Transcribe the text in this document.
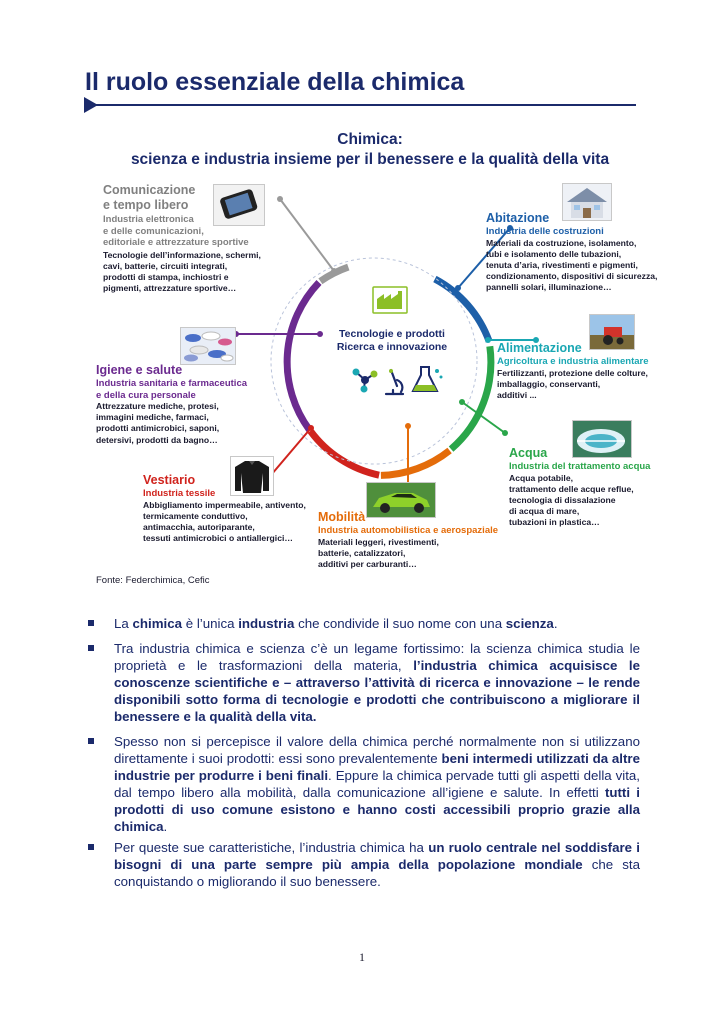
Il ruolo essenziale della chimica
Chimica:
scienza e industria insieme per il benessere e la qualità della vita
Tecnologie e prodotti
Ricerca e innovazione
Comunicazione
e tempo libero
Industria elettronica
e delle comunicazioni,
editoriale e attrezzature sportive
Tecnologie dell’informazione, schermi,
cavi, batterie, circuiti integrati,
prodotti di stampa, inchiostri e
pigmenti, attrezzature sportive…
Igiene e salute
Industria sanitaria e farmaceutica
e della cura personale
Attrezzature mediche, protesi,
immagini mediche, farmaci,
prodotti antimicrobici, saponi,
detersivi, prodotti da bagno…
Vestiario
Industria tessile
Abbigliamento impermeabile, antivento,
termicamente conduttivo,
antimacchia, autoriparante,
tessuti antimicrobici o antiallergici…
Mobilità
Industria automobilistica e aerospaziale
Materiali leggeri, rivestimenti,
batterie, catalizzatori,
additivi per carburanti…
Abitazione
Industria delle costruzioni
Materiali da costruzione, isolamento,
tubi e isolamento delle tubazioni,
tenuta d’aria, rivestimenti e pigmenti,
condizionamento, dispositivi di sicurezza,
pannelli solari, illuminazione…
Alimentazione
Agricoltura e industria alimentare
Fertilizzanti, protezione delle colture,
imballaggio, conservanti,
additivi ...
Acqua
Industria del trattamento acqua
Acqua potabile,
trattamento delle acque reflue,
tecnologia di dissalazione
di acqua di mare,
tubazioni in plastica…
Fonte: Federchimica, Cefic
La chimica è l’unica industria che condivide il suo nome con una scienza.
Tra industria chimica e scienza c’è un legame fortissimo: la scienza chimica studia le proprietà e le trasformazioni della materia, l’industria chimica acquisisce le conoscenze scientifiche e – attraverso l’attività di ricerca e innovazione – le rende disponibili sotto forma di tecnologie e prodotti che contribuiscono a migliorare il benessere e la qualità della vita.
Spesso non si percepisce il valore della chimica perché normalmente non si utilizzano direttamente i suoi prodotti: essi sono prevalentemente beni intermedi utilizzati da altre industrie per produrre i beni finali. Eppure la chimica pervade tutti gli aspetti della vita, dal tempo libero alla mobilità, dalla comunicazione all’igiene e salute. In effetti tutti i prodotti di uso comune esistono e hanno costi accessibili proprio grazie alla chimica.
Per queste sue caratteristiche, l’industria chimica ha un ruolo centrale nel soddisfare i bisogni di una parte sempre più ampia della popolazione mondiale che sta conquistando o migliorando il suo benessere.
1
